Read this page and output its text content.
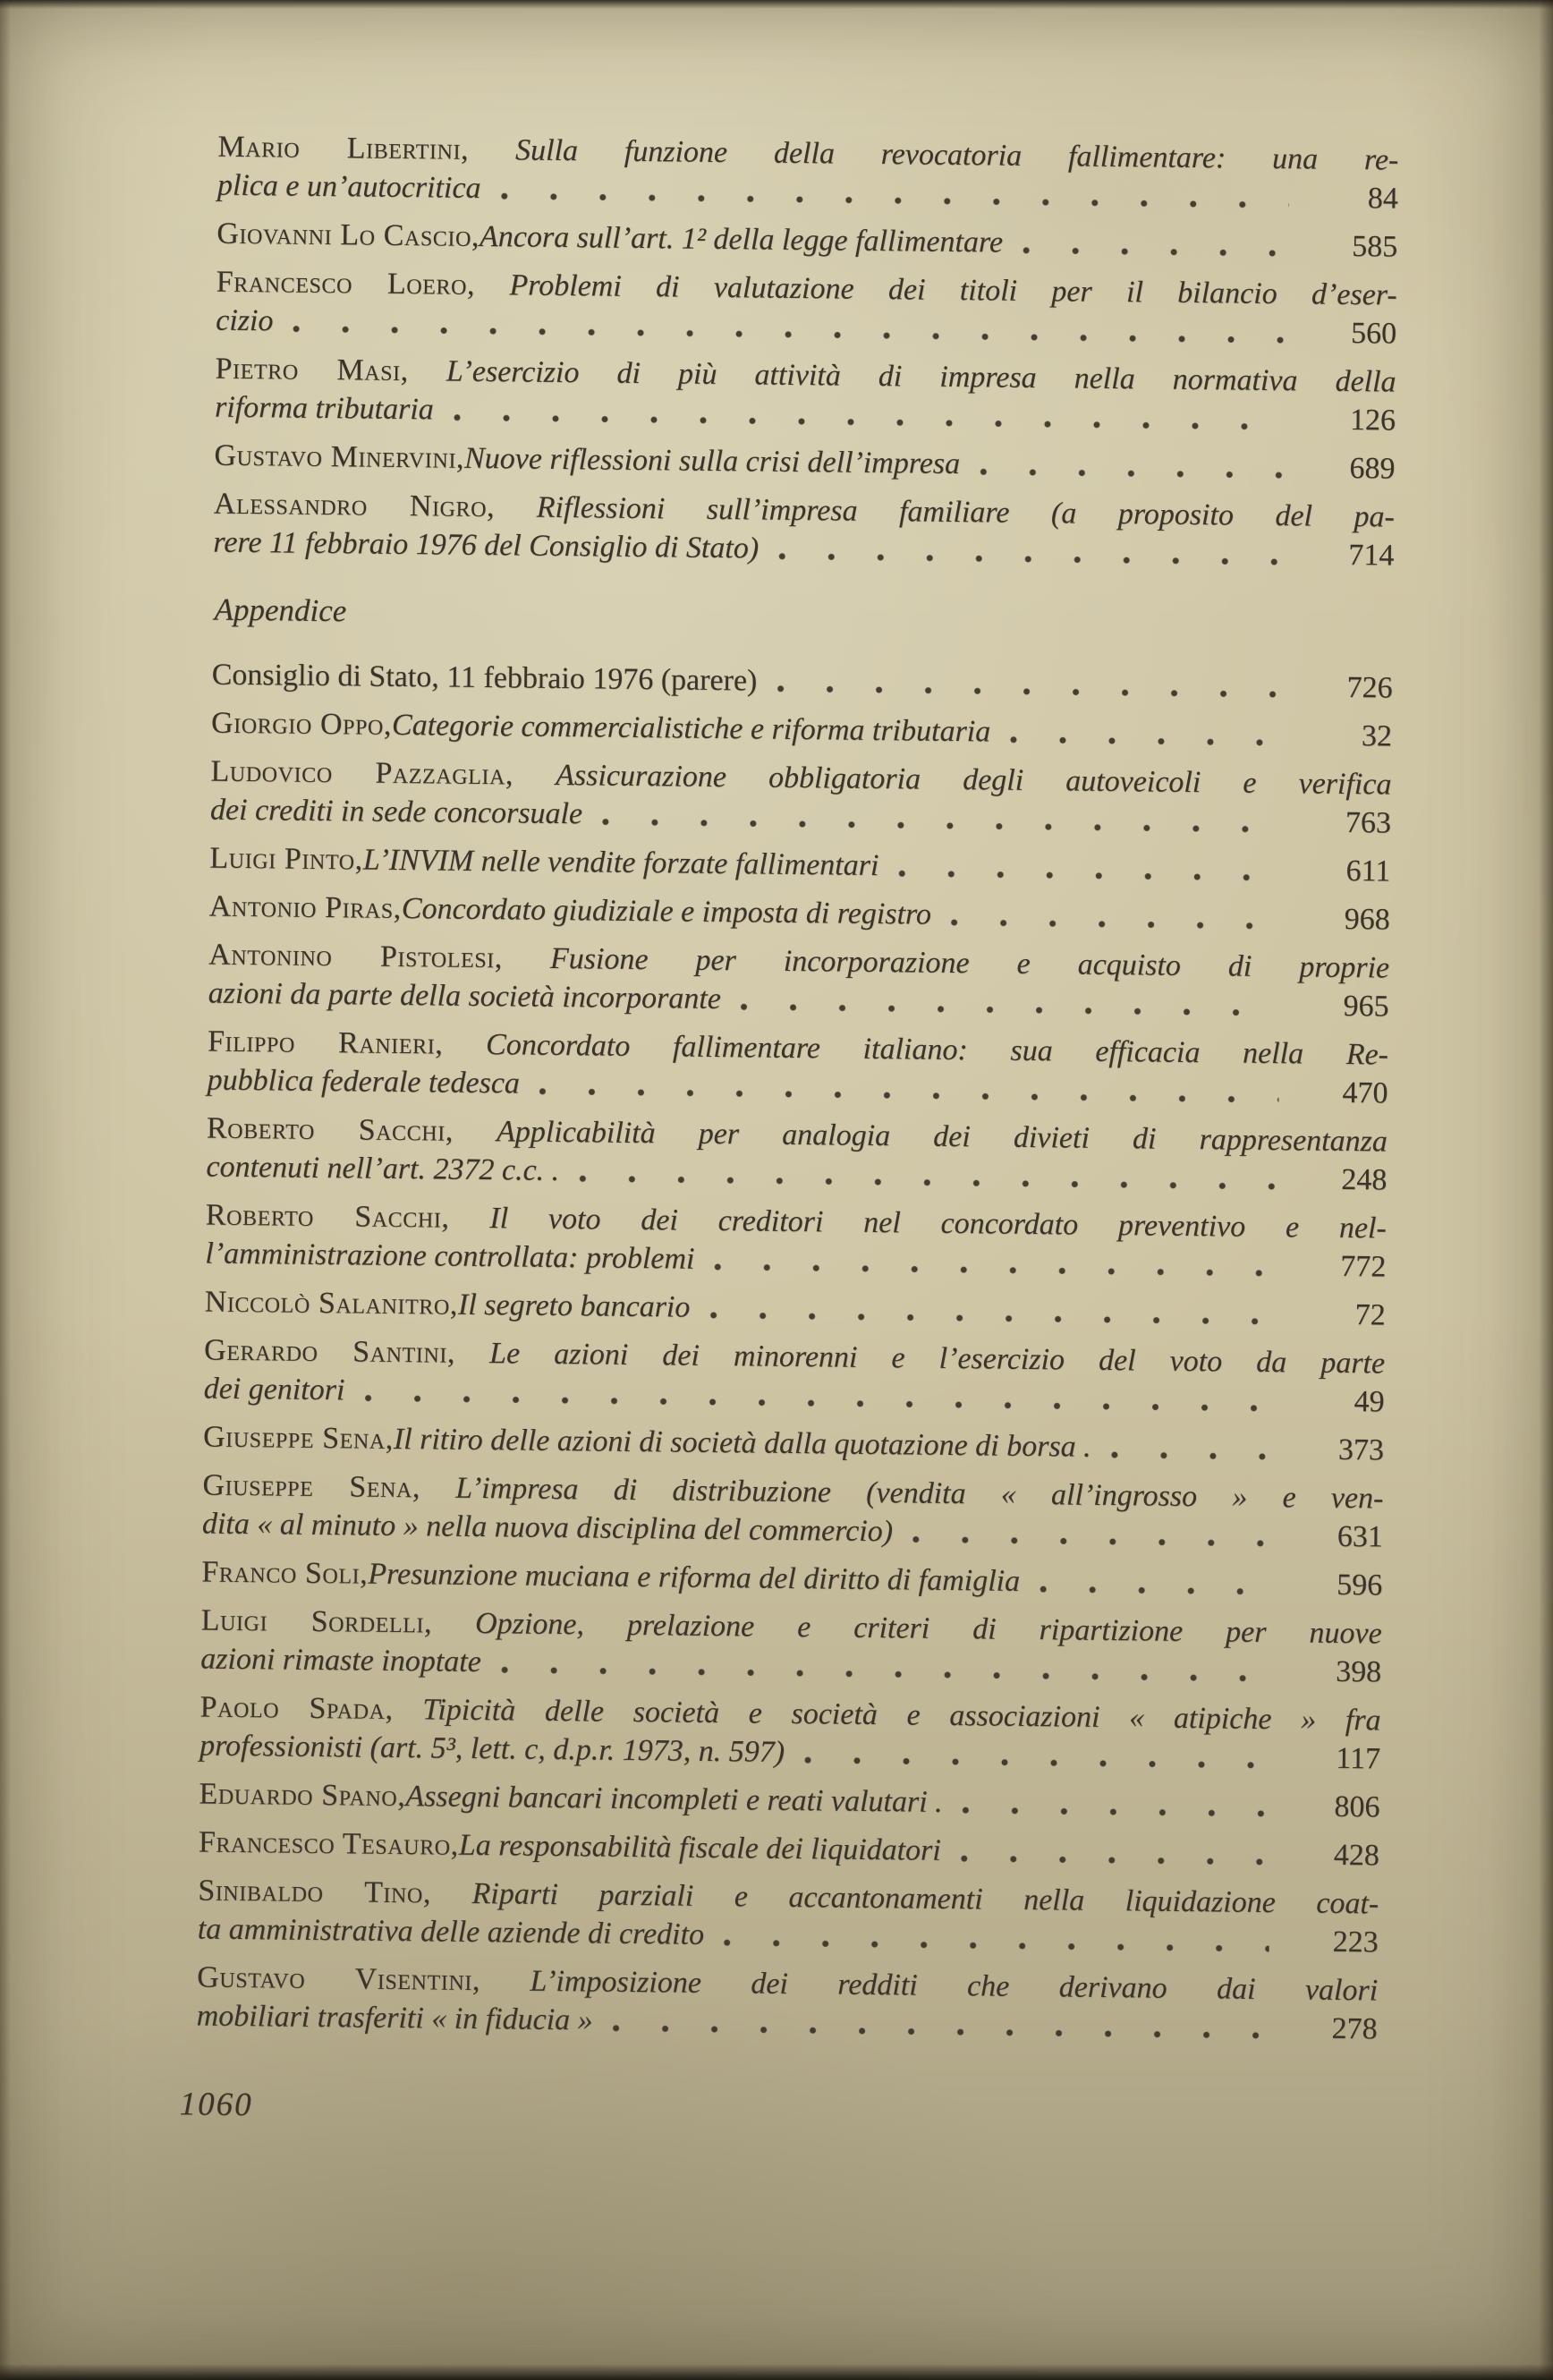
Mario Libertini, Sulla funzione della revocatoria fallimentare: una re-
plica e un’autocritica	84
Giovanni Lo Cascio, Ancora sull’art. 1² della legge fallimentare	585
Francesco Loero, Problemi di valutazione dei titoli per il bilancio d’eser-
cizio	560
Pietro Masi, L’esercizio di più attività di impresa nella normativa della
riforma tributaria	126
Gustavo Minervini, Nuove riflessioni sulla crisi dell’impresa	689
Alessandro Nigro, Riflessioni sull’impresa familiare (a proposito del pa-
rere 11 febbraio 1976 del Consiglio di Stato)	714
Appendice
Consiglio di Stato, 11 febbraio 1976 (parere)	726
Giorgio Oppo, Categorie commercialistiche e riforma tributaria	32
Ludovico Pazzaglia, Assicurazione obbligatoria degli autoveicoli e verifica
dei crediti in sede concorsuale	763
Luigi Pinto, L’INVIM nelle vendite forzate fallimentari	611
Antonio Piras, Concordato giudiziale e imposta di registro	968
Antonino Pistolesi, Fusione per incorporazione e acquisto di proprie
azioni da parte della società incorporante	965
Filippo Ranieri, Concordato fallimentare italiano: sua efficacia nella Re-
pubblica federale tedesca	470
Roberto Sacchi, Applicabilità per analogia dei divieti di rappresentanza
contenuti nell’art. 2372 c.c. .	248
Roberto Sacchi, Il voto dei creditori nel concordato preventivo e nel-
l’amministrazione controllata: problemi	772
Niccolò Salanitro, Il segreto bancario	72
Gerardo Santini, Le azioni dei minorenni e l’esercizio del voto da parte
dei genitori	49
Giuseppe Sena, Il ritiro delle azioni di società dalla quotazione di borsa .	373
Giuseppe Sena, L’impresa di distribuzione (vendita « all’ingrosso » e ven-
dita « al minuto » nella nuova disciplina del commercio)	631
Franco Soli, Presunzione muciana e riforma del diritto di famiglia	596
Luigi Sordelli, Opzione, prelazione e criteri di ripartizione per nuove
azioni rimaste inoptate	398
Paolo Spada, Tipicità delle società e società e associazioni « atipiche » fra
professionisti (art. 5³, lett. c, d.p.r. 1973, n. 597)	117
Eduardo Spano, Assegni bancari incompleti e reati valutari .	806
Francesco Tesauro, La responsabilità fiscale dei liquidatori	428
Sinibaldo Tino, Riparti parziali e accantonamenti nella liquidazione coat-
ta amministrativa delle aziende di credito	223
Gustavo Visentini, L’imposizione dei redditi che derivano dai valori
mobiliari trasferiti « in fiducia »	278
1060
